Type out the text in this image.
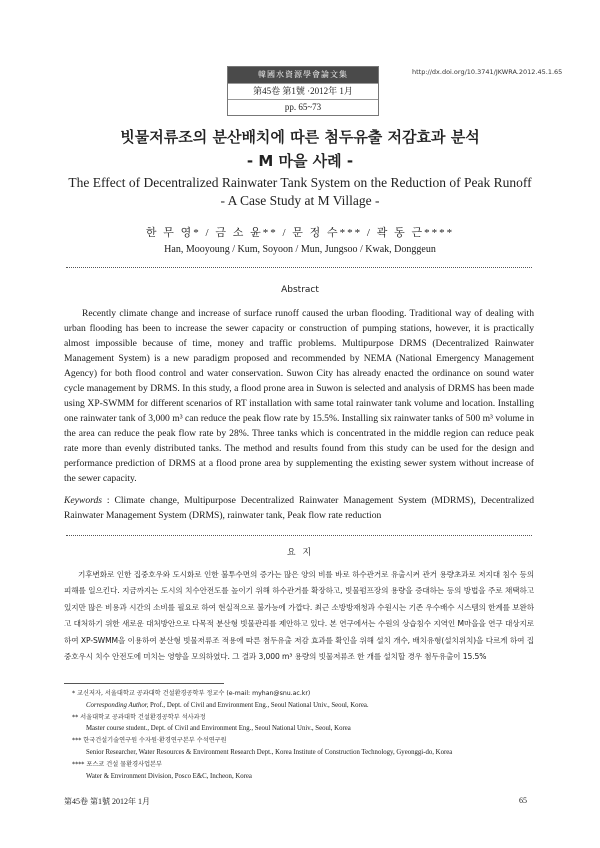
韓國水資源學會論文集
第45卷 第1號 ·2012年 1月
pp. 65~73
http://dx.doi.org/10.3741/JKWRA.2012.45.1.65
빗물저류조의 분산배치에 따른 첨두유출 저감효과 분석
- M 마을 사례 -
The Effect of Decentralized Rainwater Tank System on the Reduction of Peak Runoff
- A Case Study at M Village -
한 무 영* / 금 소 윤** / 문 정 수*** / 곽 동 근****
Han, Mooyoung / Kum, Soyoon / Mun, Jungsoo / Kwak, Donggeun
Abstract

Recently climate change and increase of surface runoff caused the urban flooding. Traditional way of dealing with urban flooding has been to increase the sewer capacity or construction of pumping stations, however, it is practically almost impossible because of time, money and traffic problems. Multipurpose DRMS (Decentralized Rainwater Management System) is a new paradigm proposed and recommended by NEMA (National Emergency Management Agency) for both flood control and water conservation. Suwon City has already enacted the ordinance on sound water cycle management by DRMS. In this study, a flood prone area in Suwon is selected and analysis of DRMS has been made using XP-SWMM for different scenarios of RT installation with same total rainwater tank volume and location. Installing one rainwater tank of 3,000 m³ can reduce the peak flow rate by 15.5%. Installing six rainwater tanks of 500 m³ volume in the area can reduce the peak flow rate by 28%. Three tanks which is concentrated in the middle region can reduce peak rate more than evenly distributed tanks. The method and results found from this study can be used for the design and performance prediction of DRMS at a flood prone area by supplementing the existing sewer system without increase of the sewer capacity.

Keywords : Climate change, Multipurpose Decentralized Rainwater Management System (MDRMS), Decentralized Rainwater Management System (DRMS), rainwater tank, Peak flow rate reduction

요 지

기후변화로 인한 집중호우와 도시화로 인한 불투수면의 증가는 많은 양의 비를 바로 하수관거로 유출시켜 관거 용량초과로 저지대 침수 등의 피해를 일으킨다. 지금까지는 도시의 치수안전도를 높이기 위해 하수관거를 확장하고, 빗물펌프장의 용량을 증대하는 등의 방법을 주로 채택하고 있지만 많은 비용과 시간의 소비를 필요로 하여 현실적으로 불가능에 가깝다. 최근 소방방재청과 수원시는 기존 우수배수 시스템의 한계를 보완하고 대처하기 위한 새로운 대처방안으로 다목적 분산형 빗물관리를 제안하고 있다. 본 연구에서는 수원의 상습침수 지역인 M마을을 연구 대상지로 하여 XP-SWMM을 이용하여 분산형 빗물저류조 적용에 따른 첨두유출 저감 효과를 확인을 위해 설치 개수, 배치유형(설치위치)을 다르게 하여 집중호우시 치수 안전도에 미치는 영향을 모의하였다. 그 결과 3,000 m³ 용량의 빗물저류조 한 개를 설치할 경우 첨두유출이 15.5%

* 교신저자, 서울대학교 공과대학 건설환경공학부 정교수 (e-mail: myhan@snu.ac.kr)
Corresponding Author, Prof., Dept. of Civil and Environment Eng., Seoul National Univ., Seoul, Korea.
** 서울대학교 공과대학 건설환경공학부 석사과정
Master course student., Dept. of Civil and Environment Eng., Seoul National Univ., Seoul, Korea
*** 한국건설기술연구원 수자원·환경연구본부 수석연구원
Senior Researcher, Water Resources & Environment Research Dept., Korea Institute of Construction Technology, Gyeonggi-do, Korea
**** 포스코 건설 물환경사업본부
Water & Environment Division, Posco E&C, Incheon, Korea
第45卷 第1號 2012年 1月	65
